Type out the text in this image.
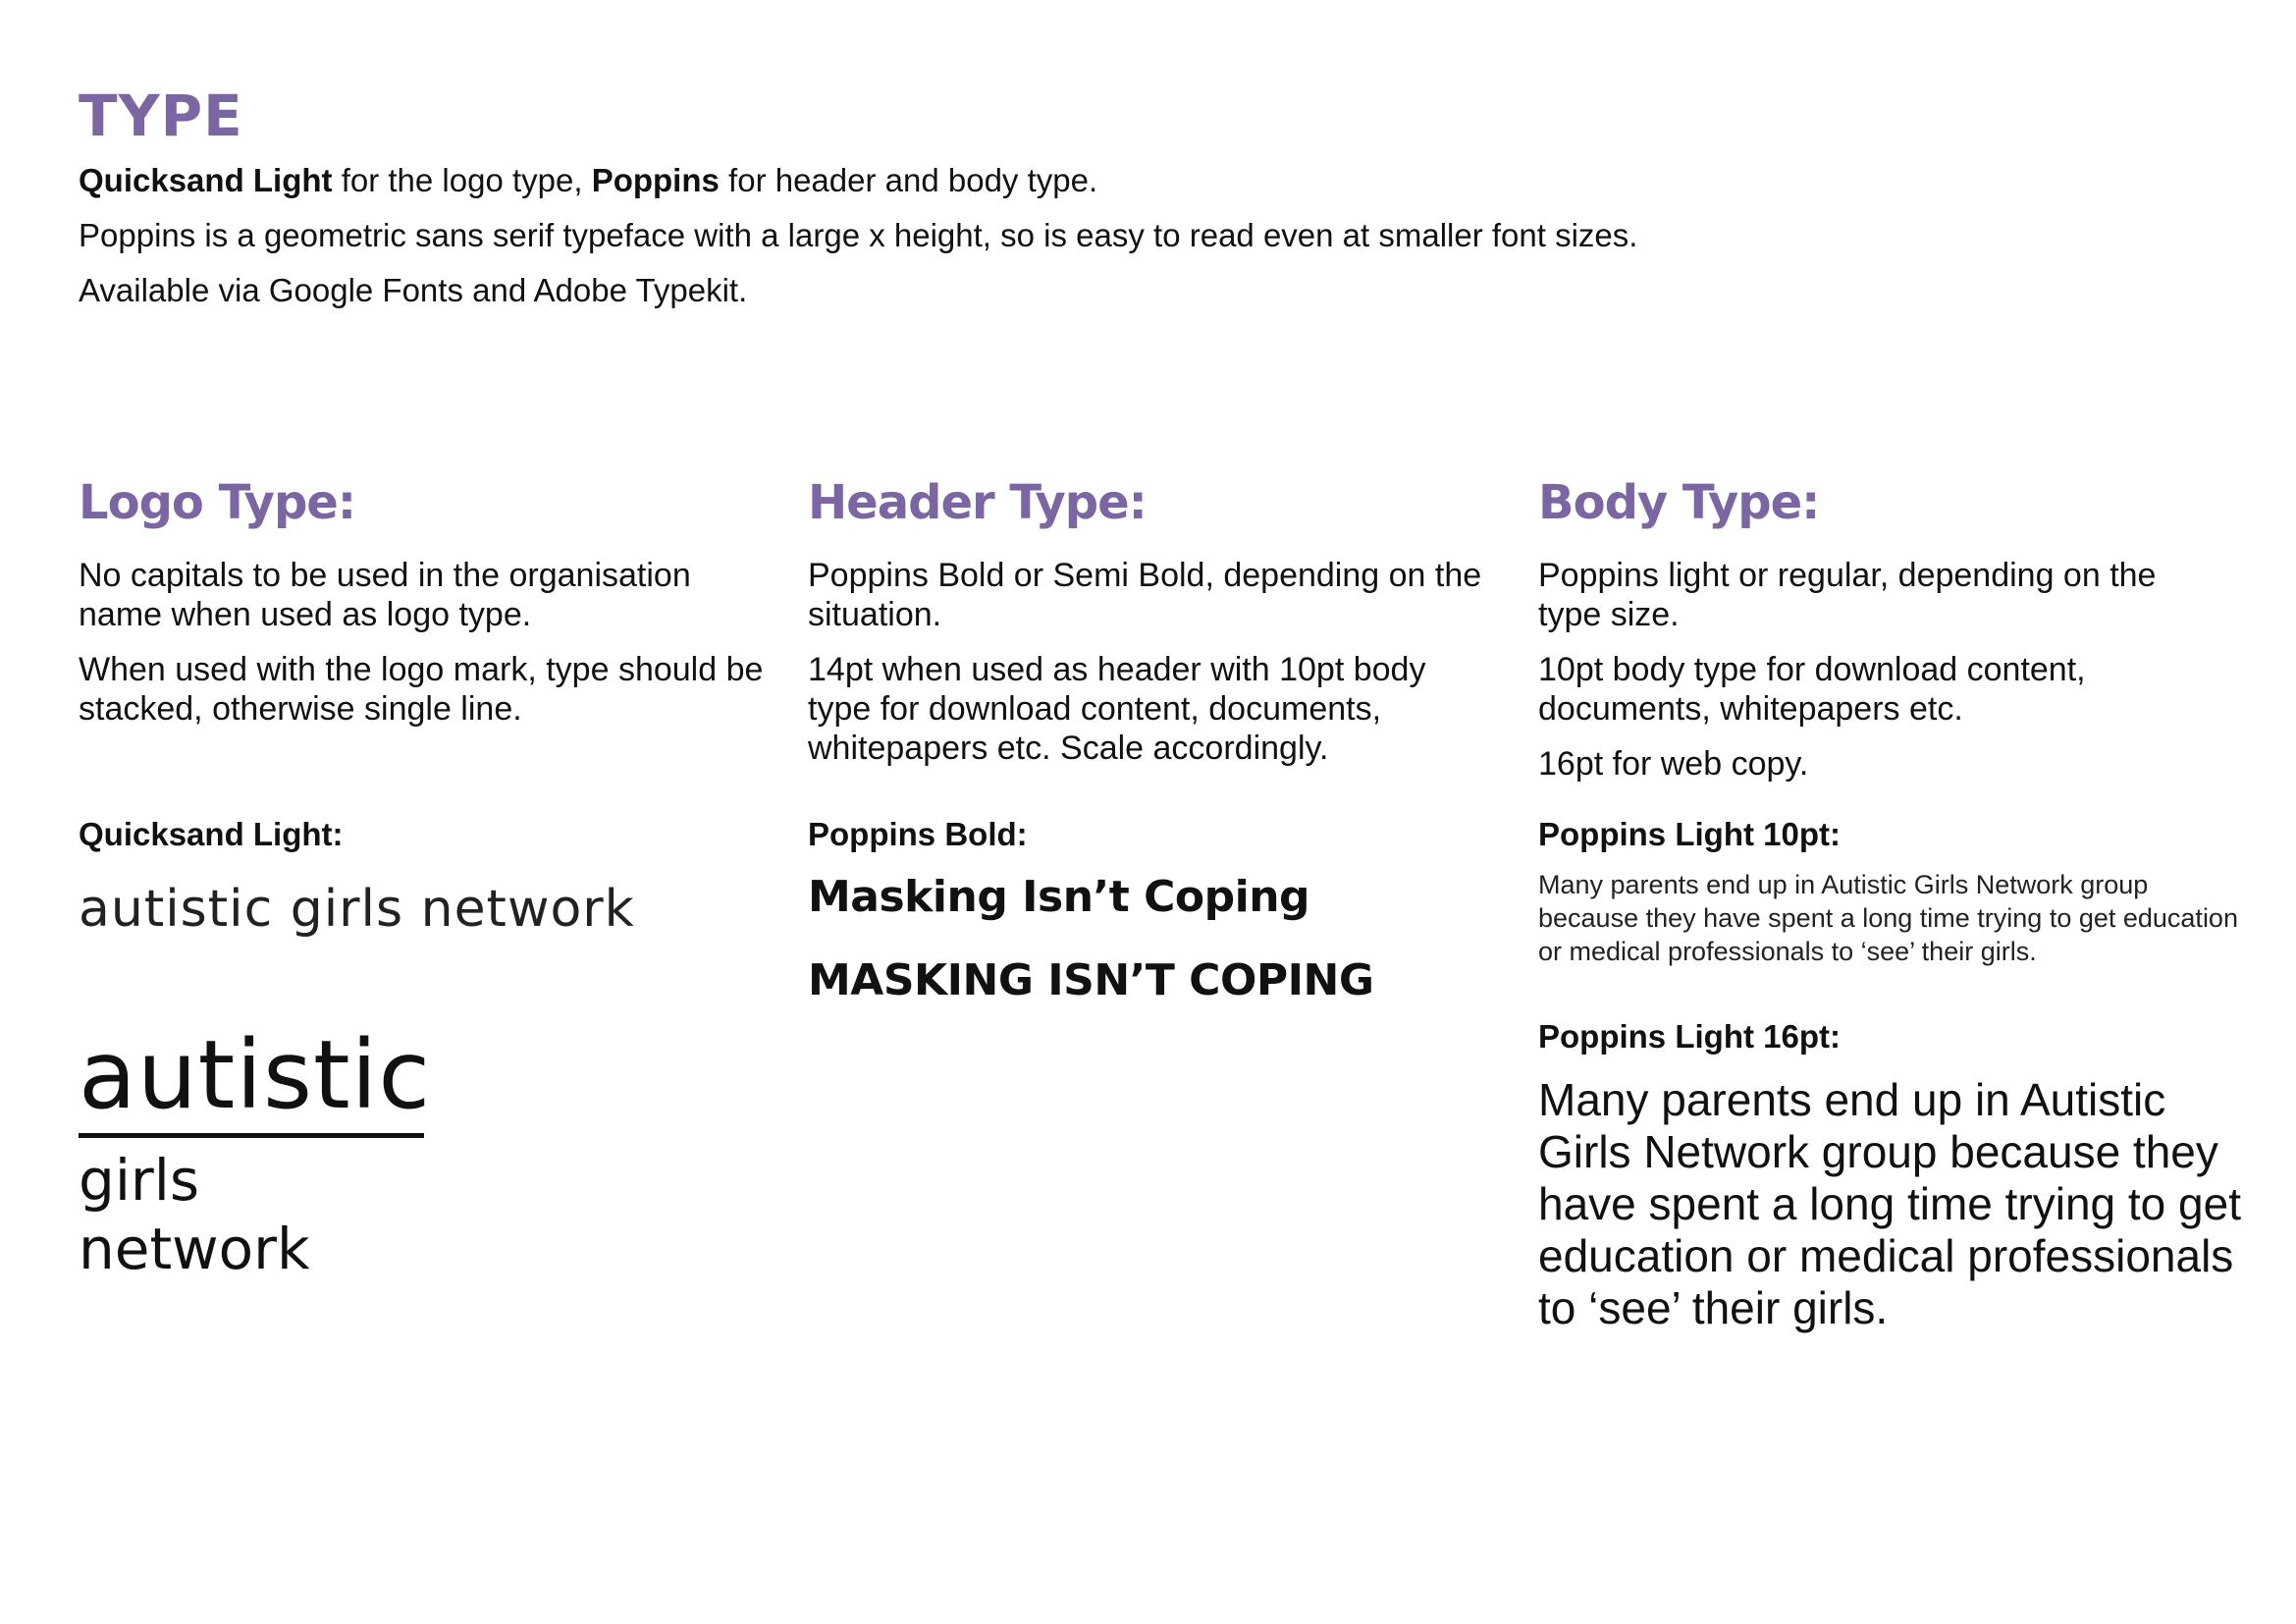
TYPE

Quicksand Light for the logo type, Poppins for header and body type.

Poppins is a geometric sans serif typeface with a large x height, so is easy to read even at smaller font sizes.

Available via Google Fonts and Adobe Typekit.

Logo Type:

No capitals to be used in the organisation name when used as logo type.

When used with the logo mark, type should be stacked, otherwise single line.

Header Type:

Poppins Bold or Semi Bold, depending on the situation.

14pt when used as header with 10pt body type for download content, documents, whitepapers etc. Scale accordingly.

Body Type:

Poppins light or regular, depending on the type size.

10pt body type for download content, documents, whitepapers etc.

16pt for web copy.

Quicksand Light:
autistic girls network
autistic
girls network
Poppins Bold:
Masking Isn’t Coping
MASKING ISN’T COPING
Poppins Light 10pt:
Many parents end up in Autistic Girls Network group because they have spent a long time trying to get education or medical professionals to ‘see’ their girls.
Poppins Light 16pt:
Many parents end up in Autistic Girls Network group because they have spent a long time trying to get education or medical professionals to ‘see’ their girls.
